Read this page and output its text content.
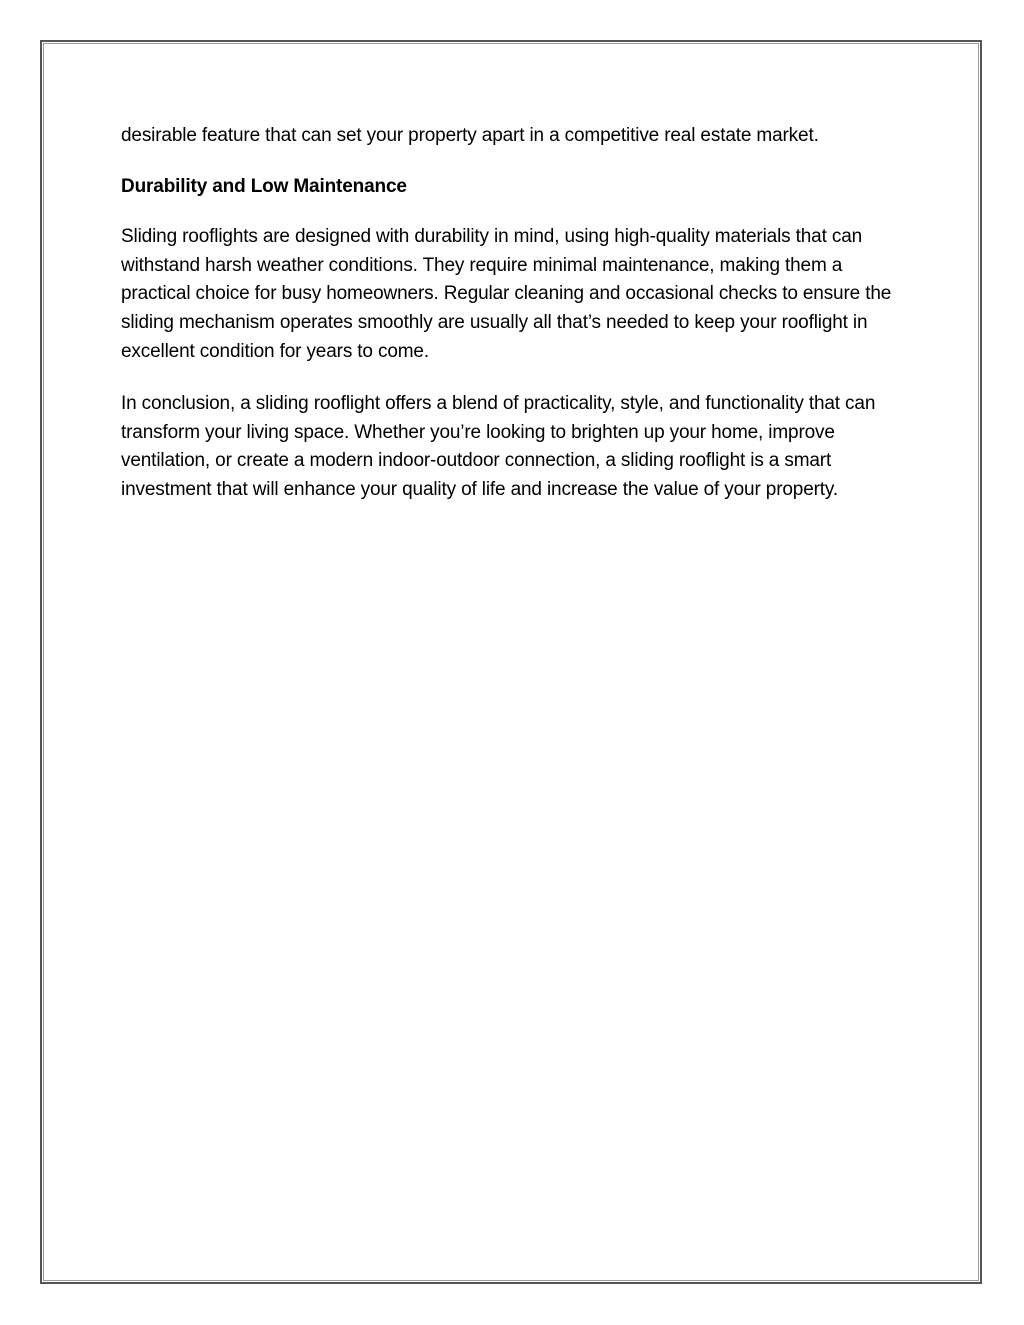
desirable feature that can set your property apart in a competitive real estate market.

Durability and Low Maintenance

Sliding rooflights are designed with durability in mind, using high-quality materials that can withstand harsh weather conditions. They require minimal maintenance, making them a practical choice for busy homeowners. Regular cleaning and occasional checks to ensure the sliding mechanism operates smoothly are usually all that’s needed to keep your rooflight in excellent condition for years to come.

In conclusion, a sliding rooflight offers a blend of practicality, style, and functionality that can transform your living space. Whether you’re looking to brighten up your home, improve ventilation, or create a modern indoor-outdoor connection, a sliding rooflight is a smart investment that will enhance your quality of life and increase the value of your property.
